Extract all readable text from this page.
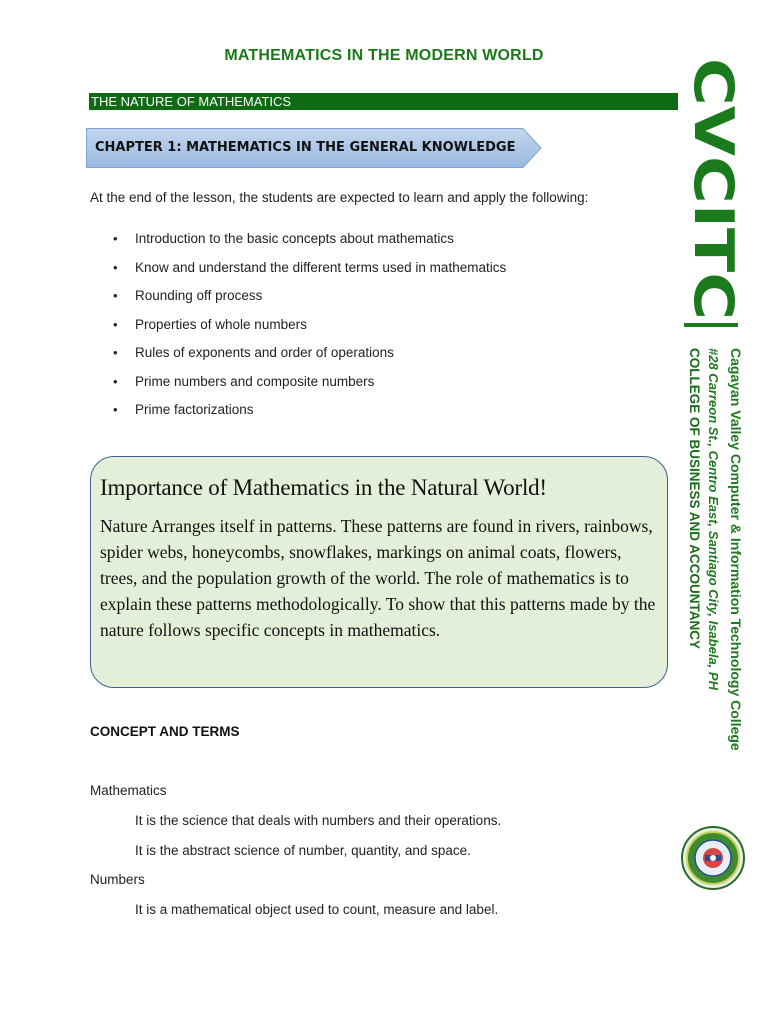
MATHEMATICS IN THE MODERN WORLD
THE NATURE OF MATHEMATICS
CHAPTER 1: MATHEMATICS IN THE GENERAL KNOWLEDGE
At the end of the lesson, the students are expected to learn and apply the following:
• Introduction to the basic concepts about mathematics
• Know and understand the different terms used in mathematics
• Rounding off process
• Properties of whole numbers
• Rules of exponents and order of operations
• Prime numbers and composite numbers
• Prime factorizations
Importance of Mathematics in the Natural World!
Nature Arranges itself in patterns. These patterns are found in rivers, rainbows, spider webs, honeycombs, snowflakes, markings on animal coats, flowers, trees, and the population growth of the world. The role of mathematics is to explain these patterns methodologically. To show that this patterns made by the nature follows specific concepts in mathematics.
CONCEPT AND TERMS
Mathematics
It is the science that deals with numbers and their operations.
It is the abstract science of number, quantity, and space.
Numbers
It is a mathematical object used to count, measure and label.
CVCITC
Cagayan Valley Computer & Information Technology College
#28 Carreon St., Centro East, Santiago City, Isabela, PH
COLLEGE OF BUSINESS AND ACCOUNTANCY
